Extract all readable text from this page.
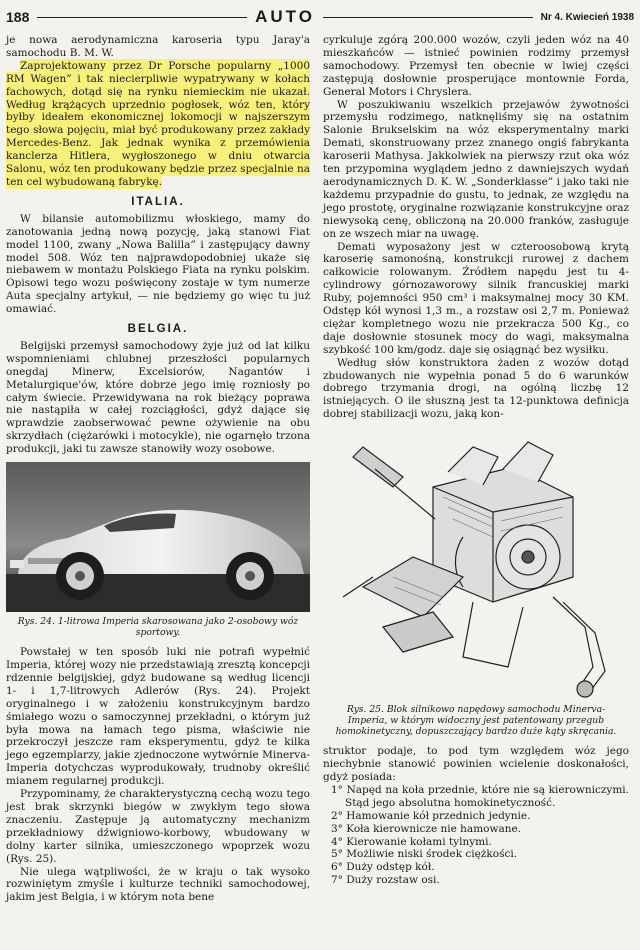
188	AUTO	Nr 4. Kwiecień 1938

je nowa aerodynamiczna karoseria typu Jaray'a samochodu B. M. W.

Zaprojektowany przez Dr Porsche popularny „1000 RM Wagen” i tak niecierpliwie wypatrywany w kołach fachowych, dotąd się na rynku niemieckim nie ukazał. Według krążących uprzednio pogłosek, wóz ten, który byłby ideałem ekonomicznej lokomocji w najszerszym tego słowa pojęciu, miał być produkowany przez zakłady Mercedes-Benz. Jak jednak wynika z przemówienia kanclerza Hitlera, wygłoszonego w dniu otwarcia Salonu, wóz ten produkowany będzie przez specjalnie na ten cel wybudowaną fabrykę.

ITALIA.

W bilansie automobilizmu włoskiego, mamy do zanotowania jedną nową pozycję, jaką stanowi Fiat model 1100, zwany „Nowa Balilla” i zastępujący dawny model 508. Wóz ten najprawdopodobniej ukaże się niebawem w montażu Polskiego Fiata na rynku polskim. Opisowi tego wozu poświęcony zostaje w tym numerze Auta specjalny artykuł, — nie będziemy go więc tu już omawiać.

BELGIA.

Belgijski przemysł samochodowy żyje już od lat kilku wspomnieniami chlubnej przeszłości popularnych onegdaj Minerw, Excelsiorów, Nagantów i Metalurgique'ów, które dobrze jego imię rozniosły po całym świecie. Przewidywana na rok bieżący poprawa nie nastąpiła w całej rozciągłości, gdyż dające się wprawdzie zaobserwować pewne ożywienie na obu skrzydłach (ciężarówki i motocykle), nie ogarnęło trzona produkcji, jaki tu zawsze stanowiły wozy osobowe.

Rys. 24. 1-litrowa Imperia skarosowana jako 2-osobowy wóz sportowy.

Powstałej w ten sposób luki nie potrafi wypełnić Imperia, której wozy nie przedstawiają zresztą koncepcji rdzennie belgijskiej, gdyż budowane są według licencji 1- i 1,7-litrowych Adlerów (Rys. 24). Projekt oryginalnego i w założeniu konstrukcyjnym bardzo śmiałego wozu o samoczynnej przekładni, o którym już była mowa na łamach tego pisma, właściwie nie przekroczył jeszcze ram eksperymentu, gdyż te kilka jego egzemplarzy, jakie zjednoczone wytwórnie Minerva-Imperia dotychczas wyprodukowały, trudnoby określić mianem regularnej produkcji.

Przypominamy, że charakterystyczną cechą wozu tego jest brak skrzynki biegów w zwykłym tego słowa znaczeniu. Zastępuje ją automatyczny mechanizm przekładniowy dźwigniowo-korbowy, wbudowany w dolny karter silnika, umieszczonego wpoprzek wozu (Rys. 25).

Nie ulega wątpliwości, że w kraju o tak wysoko rozwiniętym zmyśle i kulturze techniki samochodowej, jakim jest Belgia, i w którym nota bene

cyrkuluje zgórą 200.000 wozów, czyli jeden wóz na 40 mieszkańców — istnieć powinien rodzimy przemysł samochodowy. Przemysł ten obecnie w lwiej części zastępują dosłownie prosperujące montownie Forda, General Motors i Chryslera.

W poszukiwaniu wszelkich przejawów żywotności przemysłu rodzimego, natknęliśmy się na ostatnim Salonie Brukselskim na wóz eksperymentalny marki Demati, skonstruowany przez znanego ongiś fabrykanta karoserii Mathysa. Jakkolwiek na pierwszy rzut oka wóz ten przypomina wyglądem jedno z dawniejszych wydań aerodynamicznych D. K. W. „Sonderklasse” i jako taki nie każdemu przypadnie do gustu, to jednak, ze względu na jego prostotę, oryginalne rozwiązanie konstrukcyjne oraz niewysoką cenę, obliczoną na 20.000 franków, zasługuje on ze wszech miar na uwagę.

Demati wyposażony jest w czteroosobową krytą karoserię samonośną, konstrukcji rurowej z dachem całkowicie rolowanym. Źródłem napędu jest tu 4-cylindrowy górnozaworowy silnik francuskiej marki Ruby, pojemności 950 cm³ i maksymalnej mocy 30 KM. Odstęp kół wynosi 1,3 m., a rozstaw osi 2,7 m. Ponieważ ciężar kompletnego wozu nie przekracza 500 Kg., co daje dosłownie stosunek mocy do wagi, maksymalna szybkość 100 km/godz. daje się osiągnąć bez wysiłku.

Według słów konstruktora żaden z wozów dotąd zbudowanych nie wypełnia ponad 5 do 6 warunków dobrego trzymania drogi, na ogólną liczbę 12 istniejących. O ile słuszną jest ta 12-punktowa definicja dobrej stabilizacji wozu, jaką kon-

Rys. 25. Blok silnikowo napędowy samochodu Minerva-Imperia, w którym widoczny jest patentowany przegub homokinetyczny, dopuszczający bardzo duże kąty skręcania.

struktor podaje, to pod tym względem wóz jego niechybnie stanowić powinien wcielenie doskonałości, gdyż posiada:

1° Napęd na koła przednie, które nie są kierowniczymi. Stąd jego absolutna homokinetyczność.
2° Hamowanie kół przednich jedynie.
3° Koła kierownicze nie hamowane.
4° Kierowanie kołami tylnymi.
5° Możliwie niski środek ciężkości.
6° Duży odstęp kół.
7° Duży rozstaw osi.
